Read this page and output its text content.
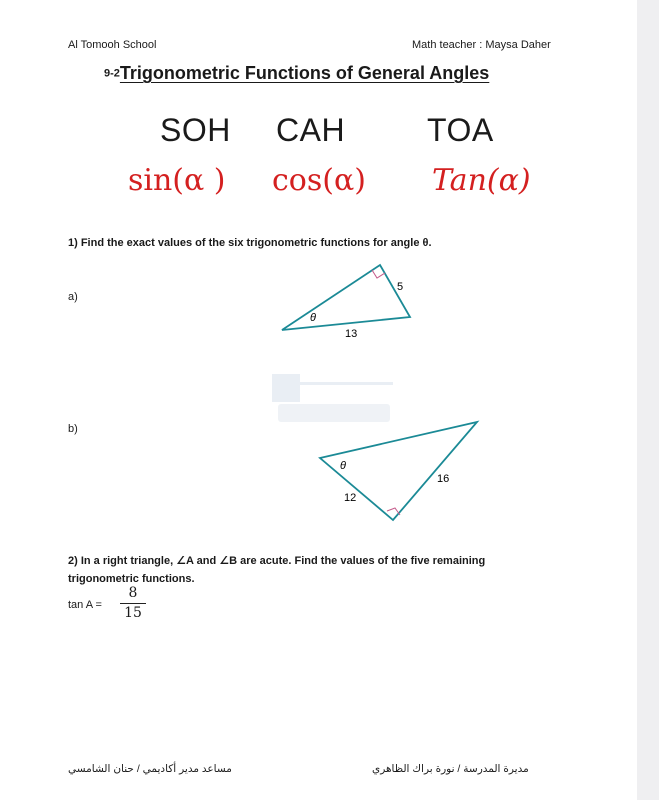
Al Tomooh School	Math teacher : Maysa Daher
9-2Trigonometric Functions of General Angles
SOH CAH	TOA
sin(α ) cos(α) Tan(α)
1) Find the exact values of the six trigonometric functions for angle θ.
a)
θ
13
5
b)
θ
12
16
2) In a right triangle, ∠A and ∠B are acute. Find the values of the five remaining trigonometric functions.
tan A =
8
15
مساعد مدير أكاديمي / حنان الشامسي	مديرة المدرسة / نورة براك الظاهري
